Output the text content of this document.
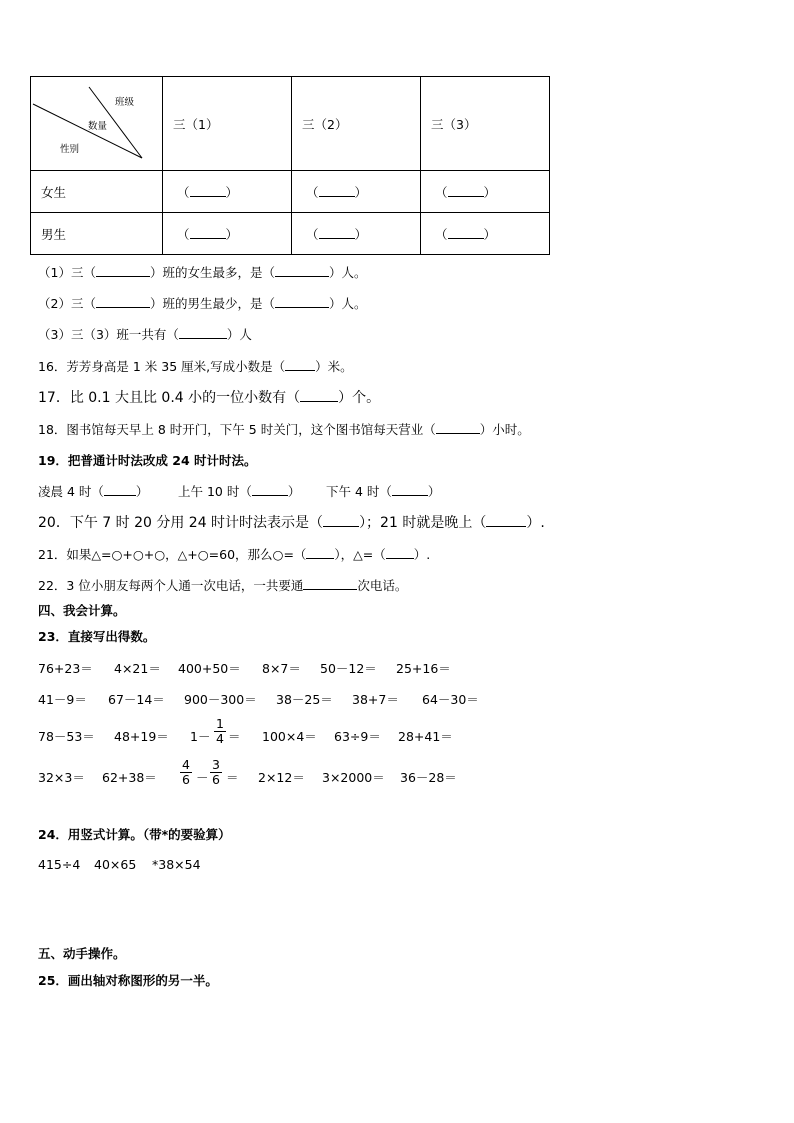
班级
数量
性别	三（1）	三（2）	三（3）
女生	（ ）	（ ）	（ ）
男生	（ ）	（ ）	（ ）
（1）三（	）班的女生最多，是（	）人。
（2）三（	）班的男生最少，是（	）人。
（3）三（3）班一共有（	）人
16．芳芳身高是 1 米 35 厘米,写成小数是（ ）米。
17．比 0.1 大且比 0.4 小的一位小数有（	）个。
18．图书馆每天早上 8 时开门，下午 5 时关门，这个图书馆每天营业（	）小时。
19．把普通计时法改成 24 时计时法。
凌晨 4 时（	） 上午 10 时（	） 下午 4 时（	）
20．下午 7 时 20 分用 24 时计时法表示是（	）；21 时就是晚上（	）.
21．如果△=○+○+○，△+○=60，那么○=（ ），△=（ ）.
22．3 位小朋友每两个人通一次电话，一共要通	次电话。
四、我会计算。
23．直接写出得数。
76+23＝ 4×21＝ 400+50＝ 8×7＝ 50－12＝ 25+16＝
41－9＝ 67－14＝ 900－300＝ 38－25＝ 38+7＝ 64－30＝
$78-53= 48+19= 1- \frac{1}{4} = 100\times 4= 63\div 9= 28+41=$
$32\times 3= 62+38= \frac{4}{6} - \frac{3}{6} = 2\times 12= 3\times 2000= 36-28=$
24．用竖式计算。（带*的要验算）
415÷4 40×65 *38×54
五、动手操作。
25．画出轴对称图形的另一半。
